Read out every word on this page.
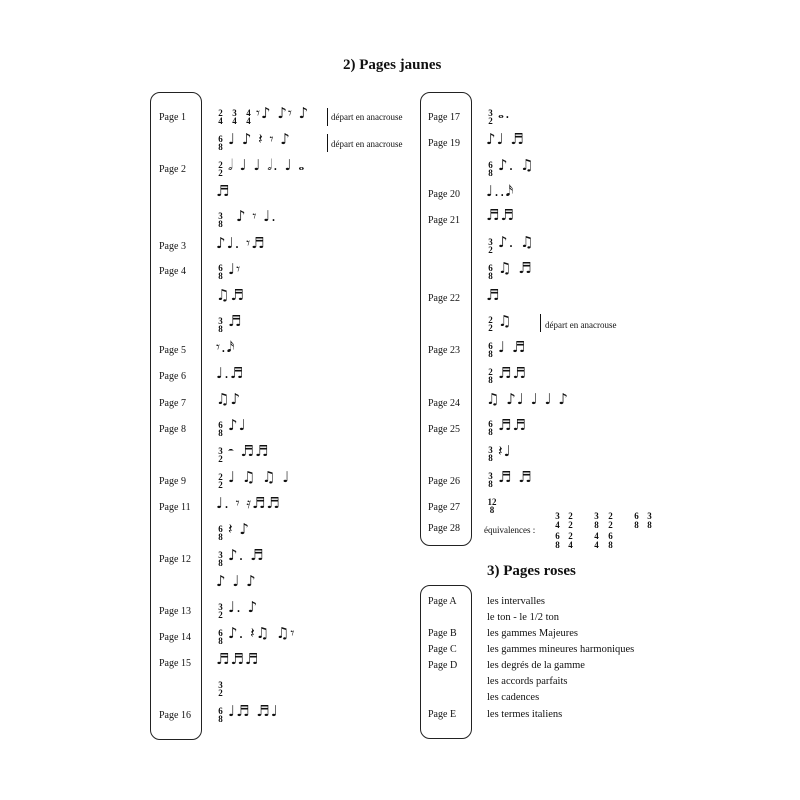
2) Pages jaunes
3) Pages roses
Page 1
Page 2
Page 3
Page 4
Page 5
Page 6
Page 7
Page 8
Page 9
Page 11
Page 12
Page 13
Page 14
Page 15
Page 16
Page 17
Page 19
Page 20
Page 21
Page 22
Page 23
Page 24
Page 25
Page 26
Page 27
Page 28
Page A
Page B
Page C
Page D
Page E
les intervalles
le ton - le 1/2 ton
les gammes Majeures
les gammes mineures harmoniques
les degrés de la gamme
les accords parfaits
les cadences
les termes italiens
départ en anacrouse
départ en anacrouse
départ en anacrouse
équivalences :
3
4
2
2
3
8
2
2
6
8
3
8
6
8
2
4
4
4
6
8
2
4
3
4
4
4
6
8
2
2
3
8
6
8
3
8
6
8
3
2
2
2
6
8
3
8
3
2
6
8
3
2
6
8
3
2
6
8
3
2
6
8
2
2
6
8
2
8
6
8
3
8
3
8
12
8
𝄾♪ ♪𝄾 ♪
♩ ♪ 𝄽 𝄾 ♪
𝅗𝅥 ♩ ♩ 𝅗𝅥. ♩ 𝅝
♬
♪ 𝄾 ♩.
♪♩. 𝄾♬
♩𝄾
♫♬
♬
𝄾.𝅘𝅥𝅯
♩.♬
♫♪
♪♩
𝄼 ♬♬
♩ ♫ ♫ ♩
♩. 𝄾 𝄿♬♬
𝄽 ♪
♪. ♬
♪ ♩ ♪
♩. ♪
♪. 𝄽♫ ♫𝄾
♬♬♬
♩♬ ♬♩
𝅝.
♪♩ ♬
♪. ♫
♩..𝅘𝅥𝅯
♬♬
♪. ♫
♫ ♬
♬
♫
♩ ♬
♬♬
♫ ♪♩ ♩ ♩ ♪
♬♬
𝄽♩
♬ ♬
